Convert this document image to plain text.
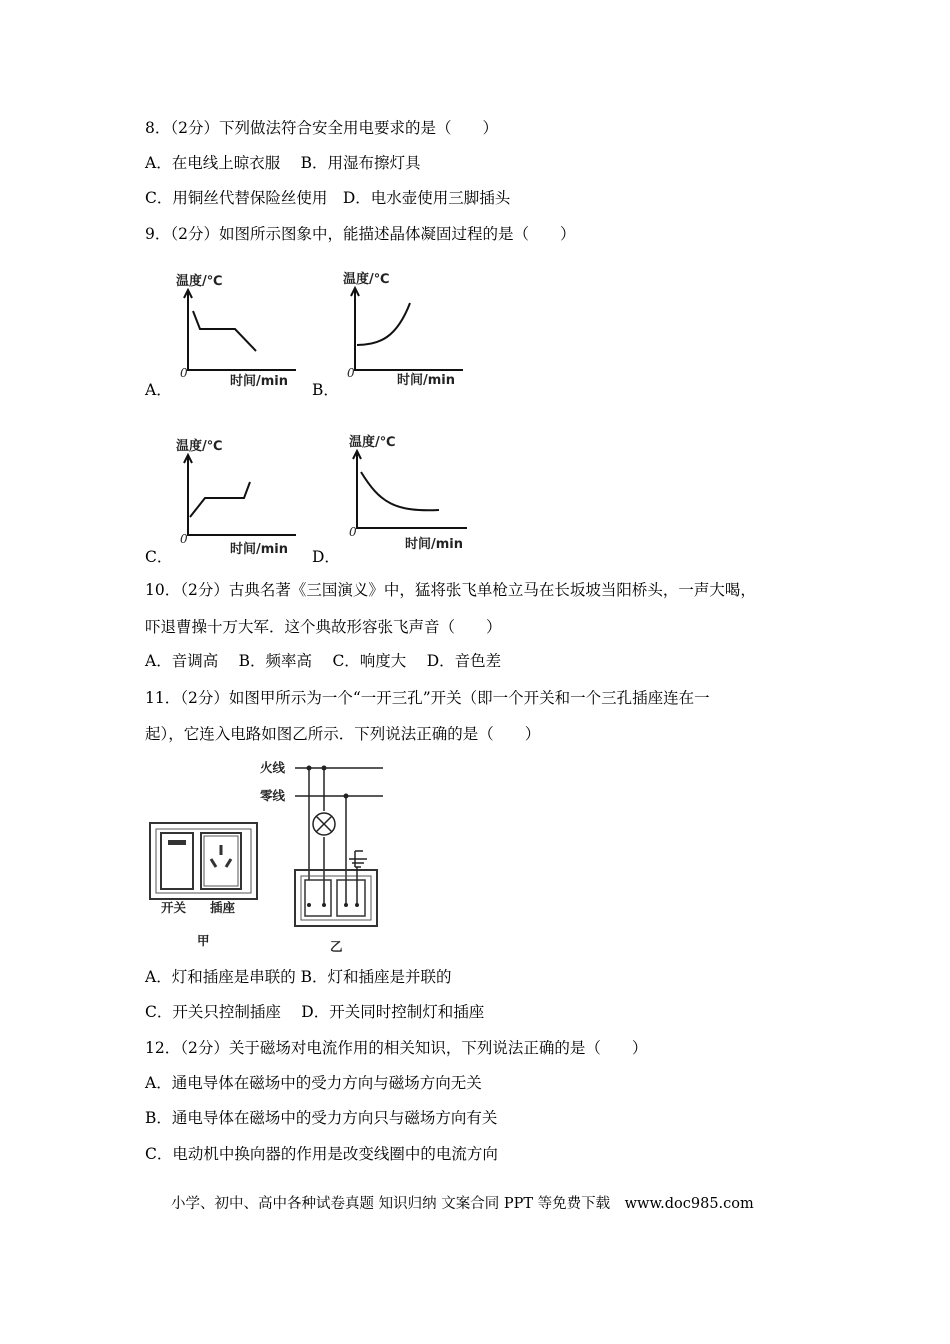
8．（2分）下列做法符合安全用电要求的是（　　）
A．在电线上晾衣服　 B．用湿布擦灯具
C．用铜丝代替保险丝使用　D．电水壶使用三脚插头
9．（2分）如图所示图象中，能描述晶体凝固过程的是（　　）
温度/℃
0
时间/min
A．
温度/℃
0	时间/min
B．
温度/℃
0
时间/min
C．
温度/℃
0
时间/min
D．
10．（2分）古典名著《三国演义》中，猛将张飞单枪立马在长坂坡当阳桥头，一声大喝，
吓退曹操十万大军．这个典故形容张飞声音（　　）
A．音调高　 B．频率高　 C．响度大　 D．音色差
11．（2分）如图甲所示为一个“一开三孔”开关（即一个开关和一个三孔插座连在一
起），它连入电路如图乙所示．下列说法正确的是（　　）
开关 插座
甲
火线
零线
乙
A．灯和插座是串联的 B．灯和插座是并联的
C．开关只控制插座　 D．开关同时控制灯和插座
12．（2分）关于磁场对电流作用的相关知识，下列说法正确的是（　　）
A．通电导体在磁场中的受力方向与磁场方向无关
B．通电导体在磁场中的受力方向只与磁场方向有关
C．电动机中换向器的作用是改变线圈中的电流方向
小学、初中、高中各种试卷真题 知识归纳 文案合同 PPT 等免费下载　www.doc985.com
